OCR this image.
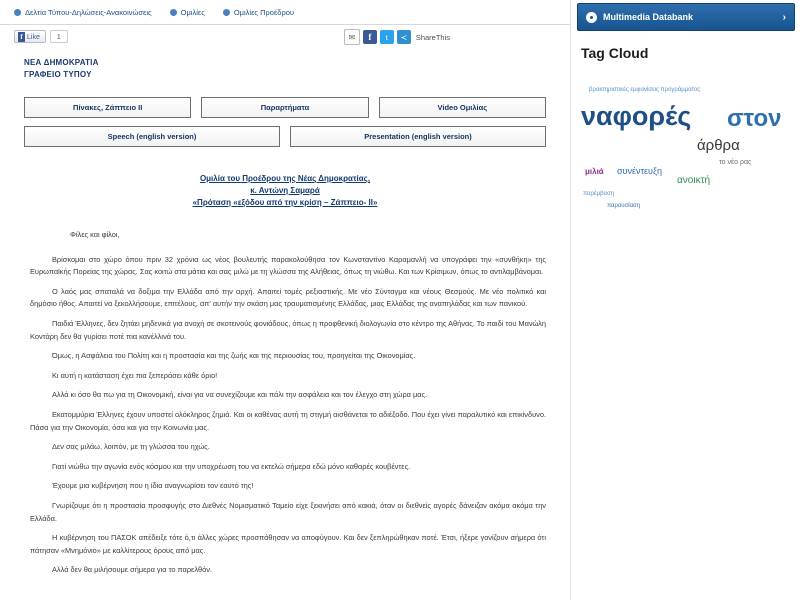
Δελτία Τύπου-Δηλώσεις-Ανακοινώσεις	Ομιλίες	Ομιλίες Προέδρου
f Like	1	✉	f	t	≺	ShareThis
ΝΕΑ ΔΗΜΟΚΡΑΤΙΑ
ΓΡΑΦΕΙΟ ΤΥΠΟΥ
Πίνακες, Ζάππειο ΙΙ	Παραρτήματα	Video Ομιλίας
Speech (english version)	Presentation (english version)
Ομιλία του Προέδρου της Νέας Δημοκρατίας,
κ. Αντώνη Σαμαρά
«Πρόταση «εξόδου από την κρίση – Ζάππειο- ΙΙ»

Φίλες και φίλοι,

Βρίσκομαι στο χώρο όπου πριν 32 χρόνια ως νέος βουλευτής παρακολούθησα τον Κωνσταντίνο Καραμανλή να υπογράφει την «συνθήκη» της Ευρωπαϊκής Πορείας της χώρας. Σας κοιτώ στα μάτια και σας μιλώ με τη γλώσσα της Αλήθειας, όπως τη νιώθω. Και των Κρίσιμων, όπως το αντιλαμβάνομαι.

Ο λαός μας σπαταλά να δοξιμα την Ελλάδα από την αρχή. Απαιτεί τομές ρεξιαστικής. Με νέο Σύνταγμα και νέους Θεσμούς. Με νέο πολιτικό και δημόσιο ήθος. Απαιτεί να ξεκολλήσουμε, επιτέλους, απ' αυτήν την σκάση μας τραυματισμένης Ελλάδας, μιας Ελλάδας της αναπηλάδας και των πανικού.

Παιδιά Έλληνες, δεν ζητάει μηδενικά για ανοχή σε σκοτεινούς φονιάδους, όπως η προφθενική διολογωνία στο κέντρο της Αθήνας. Το παιδί του Μανώλη Κοντάρη δεν θα γυρίσει ποτέ πια κανέλλινά του.

Όμως, η Ασφάλεια του Πολίτη και η προστασία και της ζωής και της περιουσίας του, προηγείται της Οικονομίας.

Κι αυτή η κατάσταση έχει πια ξεπεράσει κάθε όριο!

Αλλά κι όσο θα πω για τη Οικονομική, είναι για να συνεχίζουμε και πάλι την ασφάλεια και τον έλεγχο στη χώρα μας.

Εκατομμύρια Έλληνες έχουν υποστεί ολόκληρος ζημιά. Και οι καθένας αυτή τη στιγμή αισθάνεται το αδιέξοδο. Που έχει γίνει παραλυτικό και επικίνδυνο. Πάσα για την Οικονομία, όσα και για την Κοινωνία μας.

Δεν σας μιλάω, λοιπόν, με τη γλώσσα του ηχώς.

Γιατί νιώθω την αγωνία ενός κόσμου και την υποχρέωση του να εκτελώ σήμερα εδώ μόνο καθαρές κουβέντες.

Έχουμε μια κυβέρνηση που η ίδια αναγνωρίσει τον εαυτό της!

Γνωρίζουμε ότι η προστασία προσφυγής στο Διεθνές Νομισματικό Ταμείο είχε ξεκινήσει από κακιά, όταν οι διεθνείς αγορές δάνειζαν ακόμα ακόμα την Ελλάδα.

Η κυβέρνηση του ΠΑΣΟΚ απέδειξε τότε ό,τι άλλες χώρες προσπάθησαν να αποφύγουν. Και δεν ξεπληρώθηκαν ποτέ. Έτσι, ήξερε γονίζουν σήμερα ότι πάτησαν «Μνημόνιο» με καλλίτερους όρους από μας.

Αλλά δεν θα μιλήσουμε σήμερα για το παρελθόν.

Multimedia Databank	›
Tag Cloud
βρακτηριστικές εμφανίσεις προγράμματος
ναφορές στον
άρθρα
το νέο ρας
μιλιά συνέντευξη
ανοικτή
παρέμβαση
παρουσίαση
